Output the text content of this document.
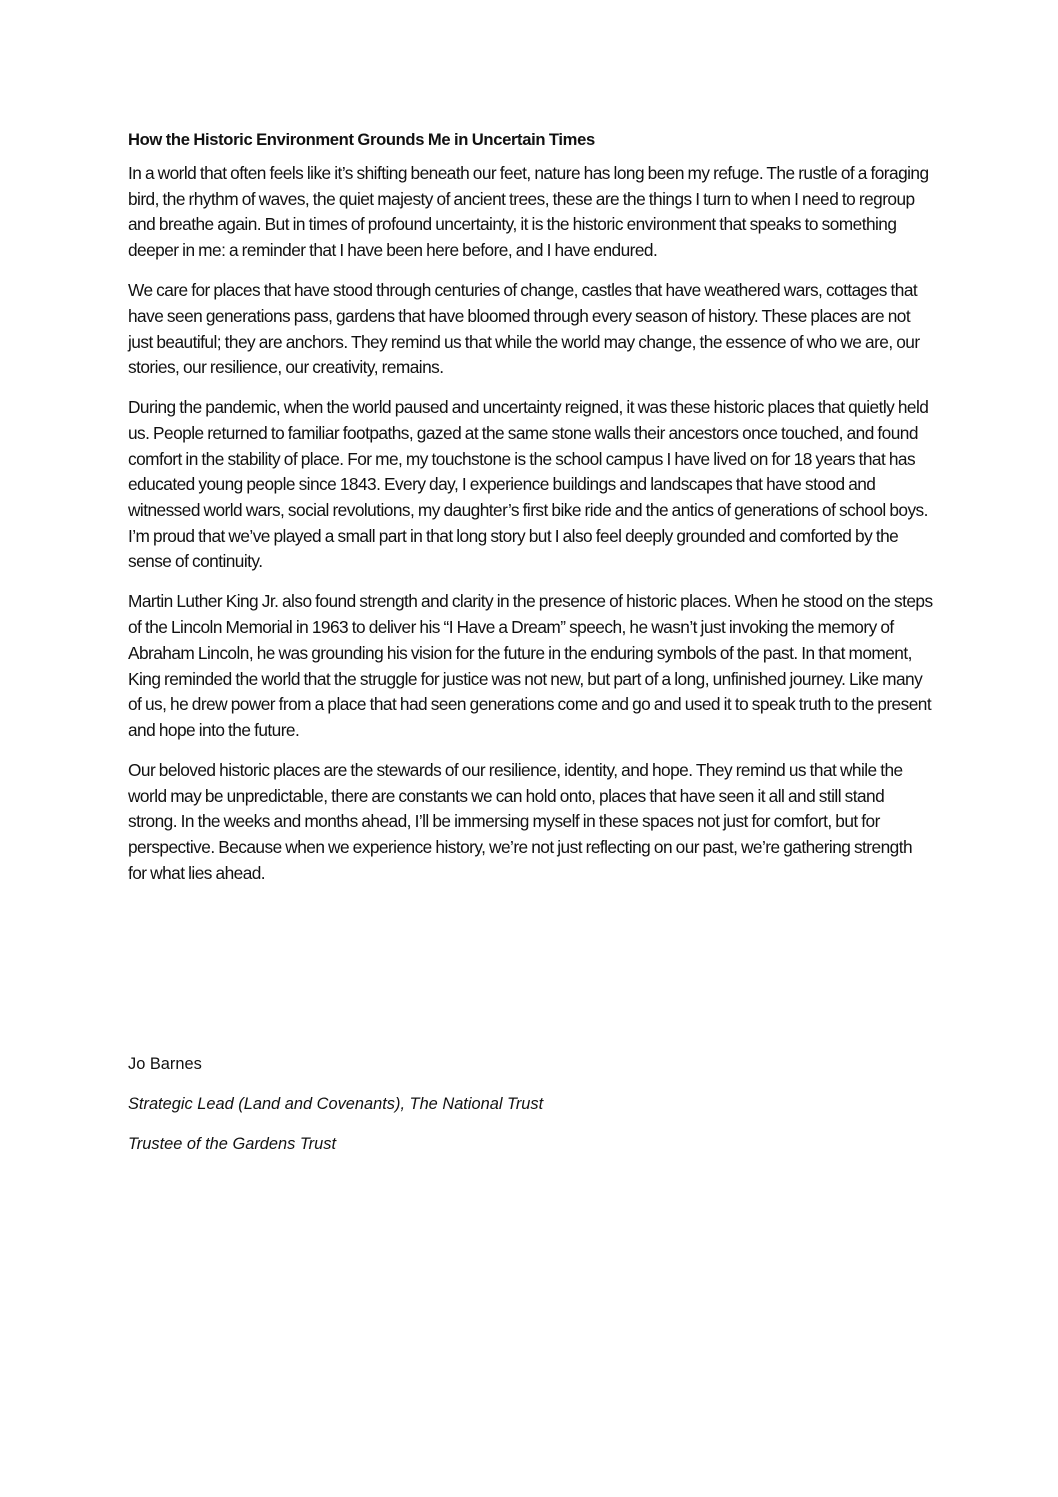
How the Historic Environment Grounds Me in Uncertain Times

In a world that often feels like it’s shifting beneath our feet, nature has long been my refuge. The rustle of a foraging bird, the rhythm of waves, the quiet majesty of ancient trees, these are the things I turn to when I need to regroup and breathe again. But in times of profound uncertainty, it is the historic environment that speaks to something deeper in me: a reminder that I have been here before, and I have endured.

We care for places that have stood through centuries of change, castles that have weathered wars, cottages that have seen generations pass, gardens that have bloomed through every season of history. These places are not just beautiful; they are anchors. They remind us that while the world may change, the essence of who we are, our stories, our resilience, our creativity, remains.

During the pandemic, when the world paused and uncertainty reigned, it was these historic places that quietly held us. People returned to familiar footpaths, gazed at the same stone walls their ancestors once touched, and found comfort in the stability of place. For me, my touchstone is the school campus I have lived on for 18 years that has educated young people since 1843. Every day, I experience buildings and landscapes that have stood and witnessed world wars, social revolutions, my daughter’s first bike ride and the antics of generations of school boys. I’m proud that we’ve played a small part in that long story but I also feel deeply grounded and comforted by the sense of continuity.

Martin Luther King Jr. also found strength and clarity in the presence of historic places. When he stood on the steps of the Lincoln Memorial in 1963 to deliver his “I Have a Dream” speech, he wasn’t just invoking the memory of Abraham Lincoln, he was grounding his vision for the future in the enduring symbols of the past. In that moment, King reminded the world that the struggle for justice was not new, but part of a long, unfinished journey. Like many of us, he drew power from a place that had seen generations come and go and used it to speak truth to the present and hope into the future.

Our beloved historic places are the stewards of our resilience, identity, and hope. They remind us that while the world may be unpredictable, there are constants we can hold onto, places that have seen it all and still stand strong. In the weeks and months ahead, I’ll be immersing myself in these spaces not just for comfort, but for perspective. Because when we experience history, we’re not just reflecting on our past, we’re gathering strength for what lies ahead.

Jo Barnes

Strategic Lead (Land and Covenants), The National Trust

Trustee of the Gardens Trust
